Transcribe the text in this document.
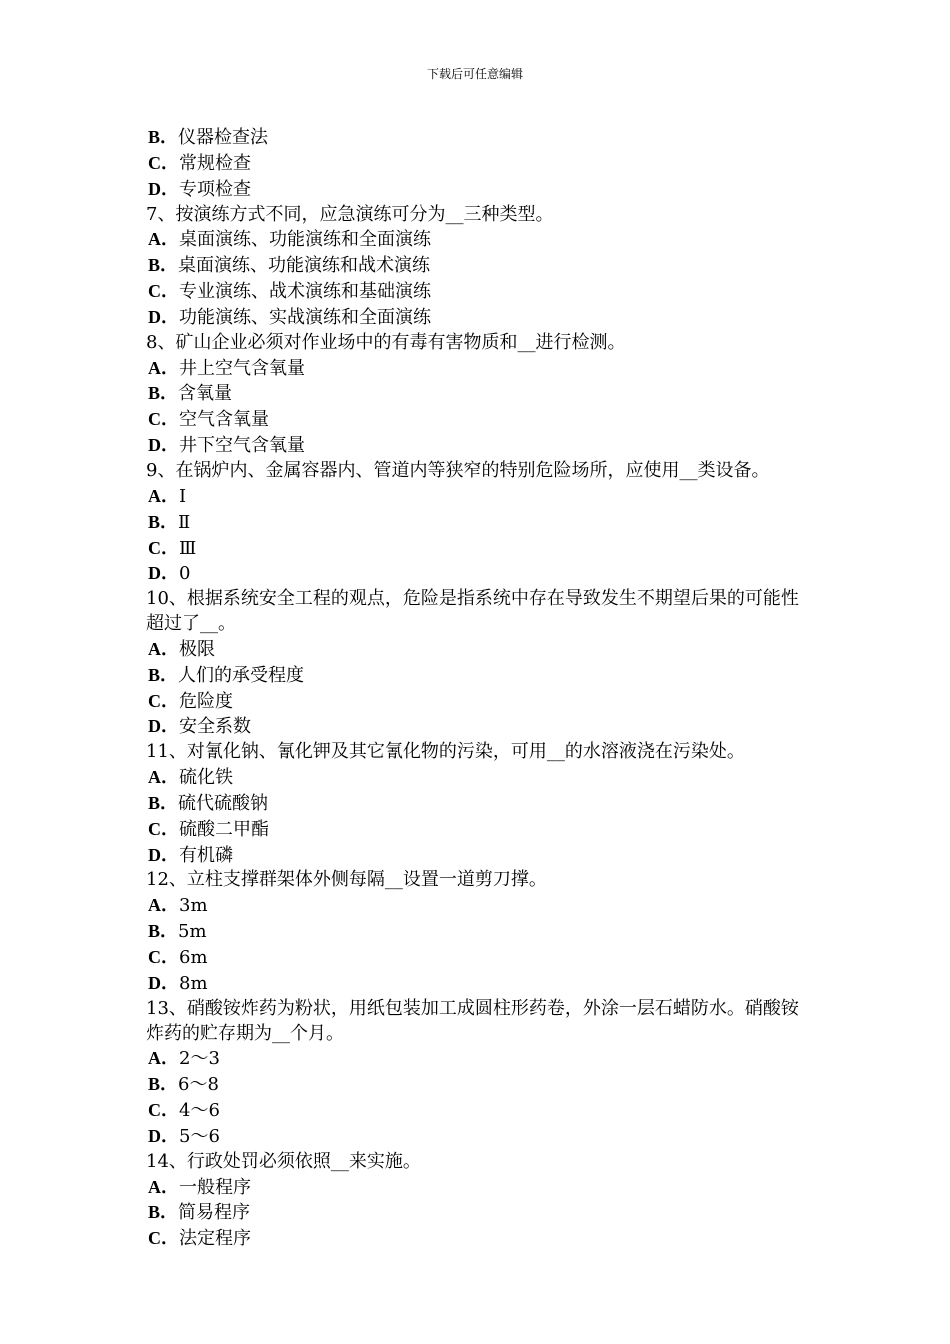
下载后可任意编辑
B．仪器检查法
C．常规检查
D．专项检查
7、按演练方式不同，应急演练可分为__三种类型。
A．桌面演练、功能演练和全面演练
B．桌面演练、功能演练和战术演练
C．专业演练、战术演练和基础演练
D．功能演练、实战演练和全面演练
8、矿山企业必须对作业场中的有毒有害物质和__进行检测。
A．井上空气含氧量
B．含氧量
C．空气含氧量
D．井下空气含氧量
9、在锅炉内、金属容器内、管道内等狭窄的特别危险场所，应使用__类设备。
A．Ⅰ
B．Ⅱ
C．Ⅲ
D．0
10、根据系统安全工程的观点，危险是指系统中存在导致发生不期望后果的可能性超过了__。
A．极限
B．人们的承受程度
C．危险度
D．安全系数
11、对氰化钠、氰化钾及其它氰化物的污染，可用__的水溶液浇在污染处。
A．硫化铁
B．硫代硫酸钠
C．硫酸二甲酯
D．有机磷
12、立柱支撑群架体外侧每隔__设置一道剪刀撑。
A．3m
B．5m
C．6m
D．8m
13、硝酸铵炸药为粉状，用纸包装加工成圆柱形药卷，外涂一层石蜡防水。硝酸铵炸药的贮存期为__个月。
A．2～3
B．6～8
C．4～6
D．5～6
14、行政处罚必须依照__来实施。
A．一般程序
B．简易程序
C．法定程序
